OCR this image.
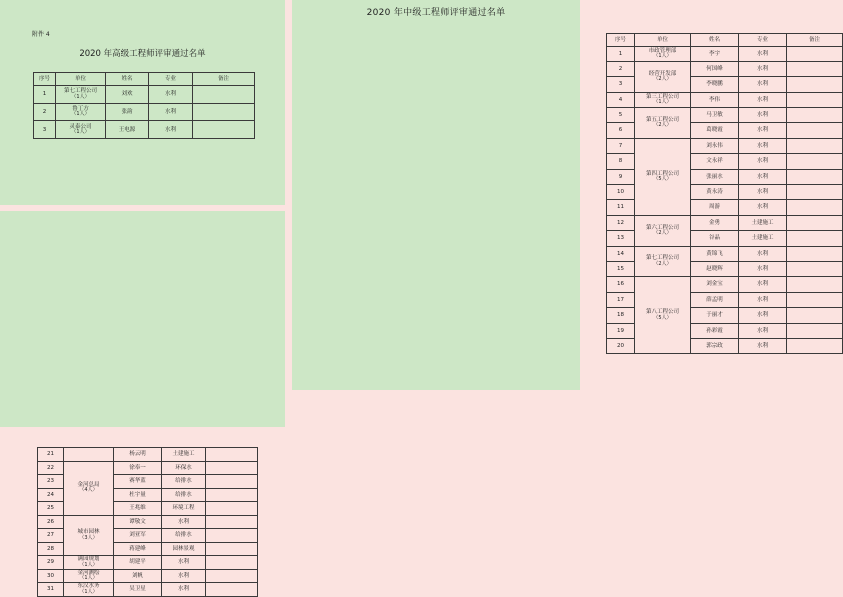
附件 4
2020 年高级工程师评审通过名单
序号	单位	姓名	专业	备注
1	第七工程公司
（1人）	刘欢	水利	
2	鲁丁方
（1人）	张韵	水利	
3	灵泰公司
（1人）	王电源	水利	
21		杨云明	土建施工	
22	金河总局
（4人）	徐奉一	环保水	
23		赛华蓝	给排水	
24		杜宇量	给排水	
25		王兆维	环境工程	
26	城市园林
（3人）	谭敬文	水利	
27		刘亚军	给排水	
28		蒋建峰	园林景观	
29	满园规划
（1人）	胡建平	水利	
30	金河测绘
（1人）	刘帆	水利	
31	东汉水务
（1人）	吴卫星	水利	
2020 年中级工程师评审通过名单
序号	单位	姓名	专业	备注
1	市政管理部
（1人）	李宇	水利	
2	经营开发部
（2人）	何国峰	水利	
3		李晓鹏	水利	
4	第三工程公司
（1人）	李伟	水利	
5	第五工程公司
（2人）	马卫敏	水利	
6		葛晓霞	水利	
7	第四工程公司
（5人）	刘永伟	水利	
8		文永祥	水利	
9		张丽水	水利	
10		黄永涛	水利	
11		周游	水利	
12	第六工程公司
（2人）	金勇	土建施工	
13		谷晶	土建施工	
14	第七工程公司
（2人）	黄锦飞	水利	
15		赵晓辉	水利	
16	第八工程公司
（5人）	刘金宝	水利	
17		薛孟明	水利	
18		于丽才	水利	
19		孙彩霞	水利	
20		郭宗政	水利	
